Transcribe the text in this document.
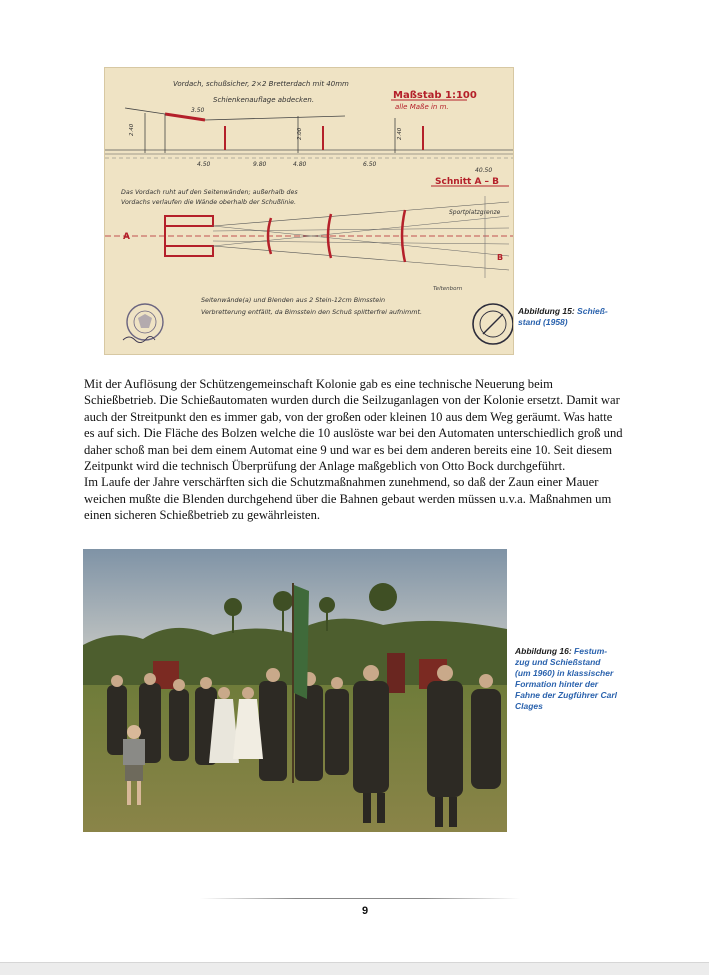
Vordach, schußsicher, 2×2 Bretterdach mit 40mm
Schienkenauflage abdecken.	Maßstab 1:100
alle Maße in m.
3.50
4.50	9.80	4.80	6.50
40.50
2.40	2.00	2.40
Schnitt A – B
Das Vordach ruht auf den Seitenwänden; außerhalb des
Vordachs verlaufen die Wände oberhalb der Schußlinie.
Sportplatzgrenze
A
B
Seitenwände(a) und Blenden aus 2 Stein-12cm Bimsstein
Verbretterung entfällt, da Bimsstein den Schuß splitterfrei aufnimmt.
Teltenborn
Abbildung 15: Schieß-
stand (1958)

Mit der Auflösung der Schützengemeinschaft Kolonie gab es eine technische Neuerung beim Schießbetrieb. Die Schießautomaten wurden durch die Seilzuganlagen von der Kolonie ersetzt. Damit war auch der Streitpunkt den es immer gab, von der großen oder kleinen 10 aus dem Weg geräumt. Was hatte es auf sich. Die Fläche des Bolzen welche die 10 auslöste war bei den Automaten unterschiedlich groß und daher schoß man bei dem einem Automat eine 9 und war es bei dem anderen bereits eine 10. Seit diesem Zeitpunkt wird die technisch Überprüfung der Anlage maßgeblich von Otto Bock durchgeführt.

Im Laufe der Jahre verschärften sich die Schutzmaßnahmen zunehmend, so daß der Zaun einer Mauer weichen mußte die Blenden durchgehend über die Bahnen gebaut werden müssen u.v.a. Maßnahmen um einen sicheren Schießbetrieb zu gewährleisten.

Abbildung 16: Festum-
zug und Schießstand
(um 1960) in klassischer
Formation hinter der
Fahne der Zugführer Carl
Clages
9
